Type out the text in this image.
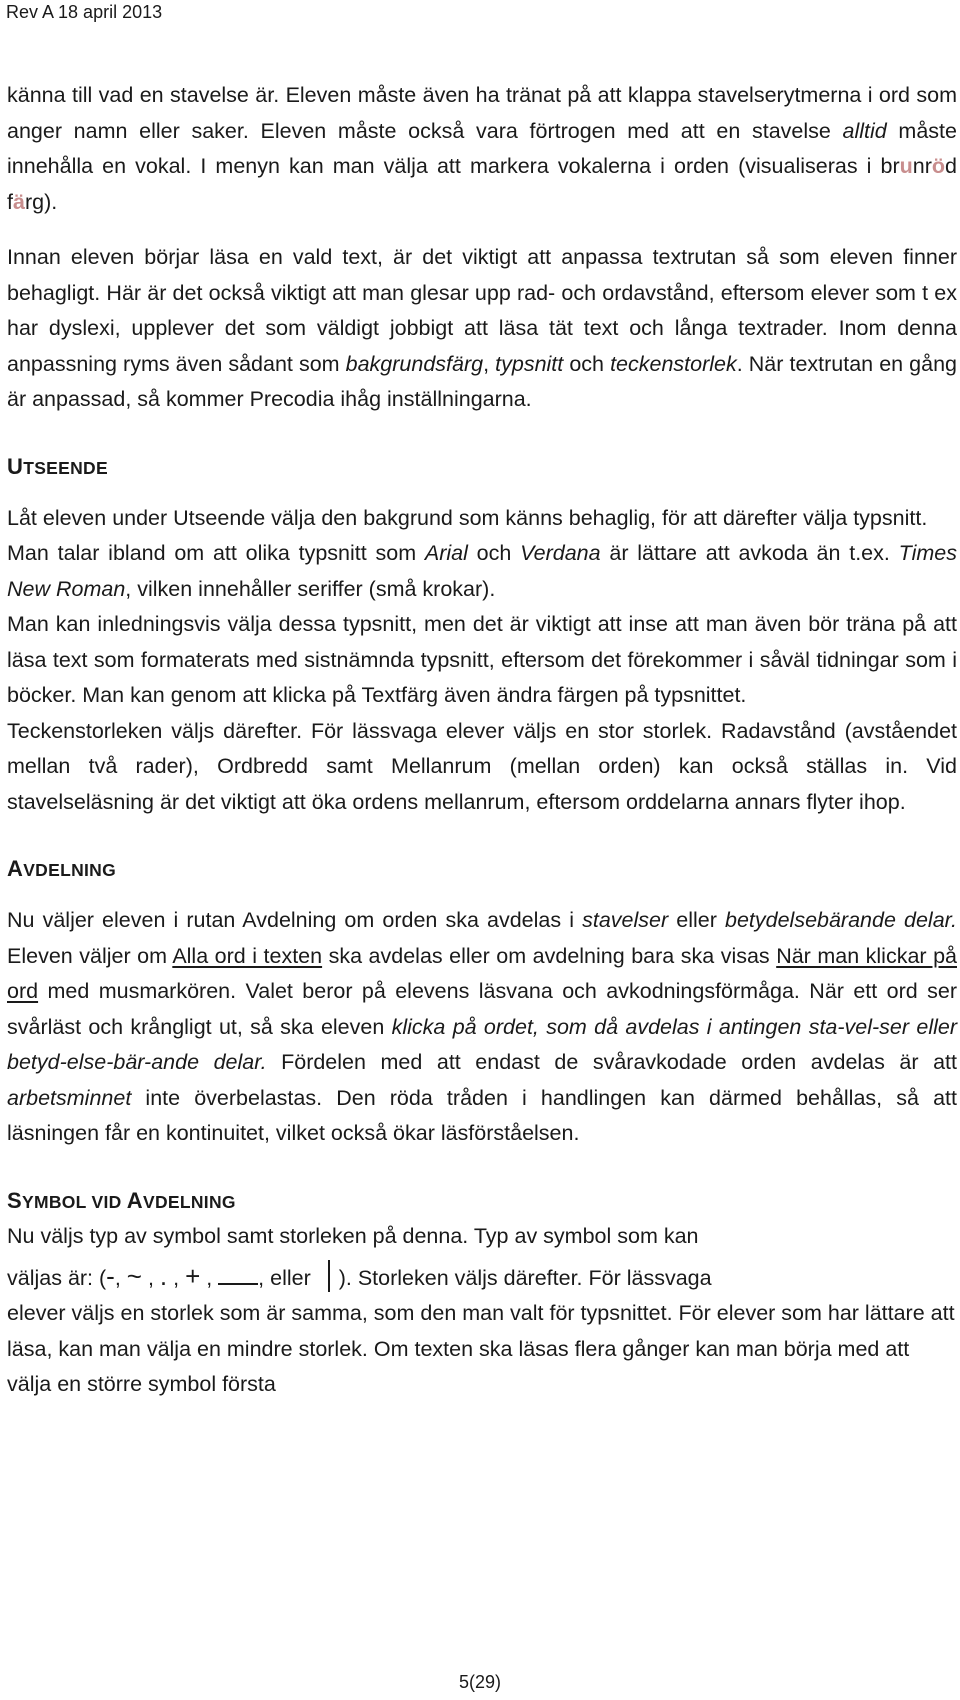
Rev A 18 april 2013

känna till vad en stavelse är. Eleven måste även ha tränat på att klappa stavelserytmerna i ord som anger namn eller saker. Eleven måste också vara förtrogen med att en stavelse alltid måste innehålla en vokal. I menyn kan man välja att markera vokalerna i orden (visualiseras i brunröd färg).

Innan eleven börjar läsa en vald text, är det viktigt att anpassa textrutan så som eleven finner behagligt. Här är det också viktigt att man glesar upp rad- och ordavstånd, eftersom elever som t ex har dyslexi, upplever det som väldigt jobbigt att läsa tät text och långa textrader. Inom denna anpassning ryms även sådant som bakgrundsfärg, typsnitt och teckenstorlek. När textrutan en gång är anpassad, så kommer Precodia ihåg inställningarna.

UTSEENDE

Låt eleven under Utseende välja den bakgrund som känns behaglig, för att därefter välja typsnitt.

Man talar ibland om att olika typsnitt som Arial och Verdana är lättare att avkoda än t.ex. Times New Roman, vilken innehåller seriffer (små krokar).

Man kan inledningsvis välja dessa typsnitt, men det är viktigt att inse att man även bör träna på att läsa text som formaterats med sistnämnda typsnitt, eftersom det förekommer i såväl tidningar som i böcker. Man kan genom att klicka på Textfärg även ändra färgen på typsnittet.

Teckenstorleken väljs därefter. För lässvaga elever väljs en stor storlek. Radavstånd (avståendet mellan två rader), Ordbredd samt Mellanrum (mellan orden) kan också ställas in. Vid stavelseläsning är det viktigt att öka ordens mellanrum, eftersom orddelarna annars flyter ihop.

AVDELNING

Nu väljer eleven i rutan Avdelning om orden ska avdelas i stavelser eller betydelsebärande delar. Eleven väljer om Alla ord i texten ska avdelas eller om avdelning bara ska visas När man klickar på ord med musmarkören. Valet beror på elevens läsvana och avkodningsförmåga. När ett ord ser svårläst och krångligt ut, så ska eleven klicka på ordet, som då avdelas i antingen sta-vel-ser eller betyd-else-bär-ande delar. Fördelen med att endast de svåravkodade orden avdelas är att arbetsminnet inte överbelastas. Den röda tråden i handlingen kan därmed behållas, så att läsningen får en kontinuitet, vilket också ökar läsförståelsen.

SYMBOL VID AVDELNING

Nu väljs typ av symbol samt storleken på denna. Typ av symbol som kan

väljas är: (-, ~ , . , + , , eller ). Storleken väljs därefter. För lässvaga

elever väljs en storlek som är samma, som den man valt för typsnittet. För elever som har lättare att läsa, kan man välja en mindre storlek. Om texten ska läsas flera gånger kan man börja med att välja en större symbol första

5(29)
